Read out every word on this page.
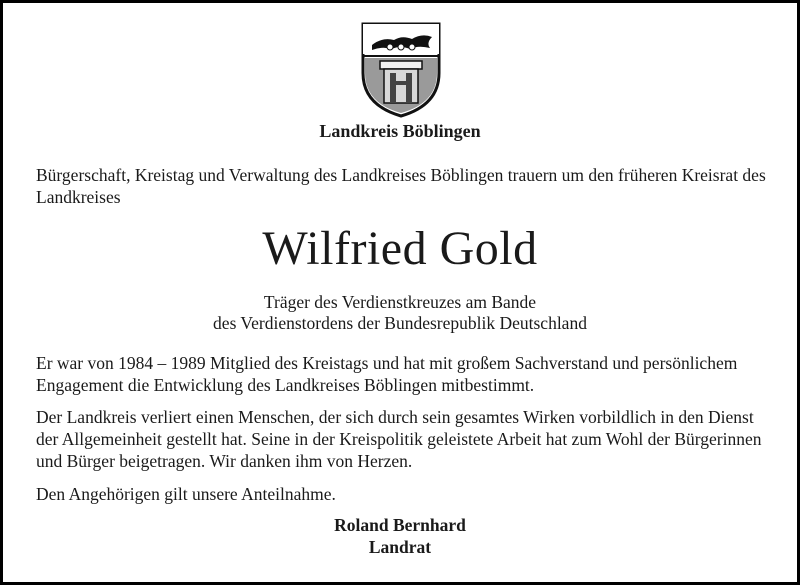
Landkreis Böblingen
Bürgerschaft, Kreistag und Verwaltung des Landkreises Böblingen trauern um den früheren Kreisrat des Landkreises
Wilfried Gold
Träger des Verdienstkreuzes am Bande
des Verdienstordens der Bundesrepublik Deutschland
Er war von 1984 – 1989 Mitglied des Kreistags und hat mit großem Sachverstand und persönlichem Engagement die Entwicklung des Landkreises Böblingen mitbestimmt.
Der Landkreis verliert einen Menschen, der sich durch sein gesamtes Wirken vorbildlich in den Dienst der Allgemeinheit gestellt hat. Seine in der Kreispolitik geleistete Arbeit hat zum Wohl der Bürgerinnen und Bürger beigetragen. Wir danken ihm von Herzen.
Den Angehörigen gilt unsere Anteilnahme.
Roland Bernhard
Landrat
